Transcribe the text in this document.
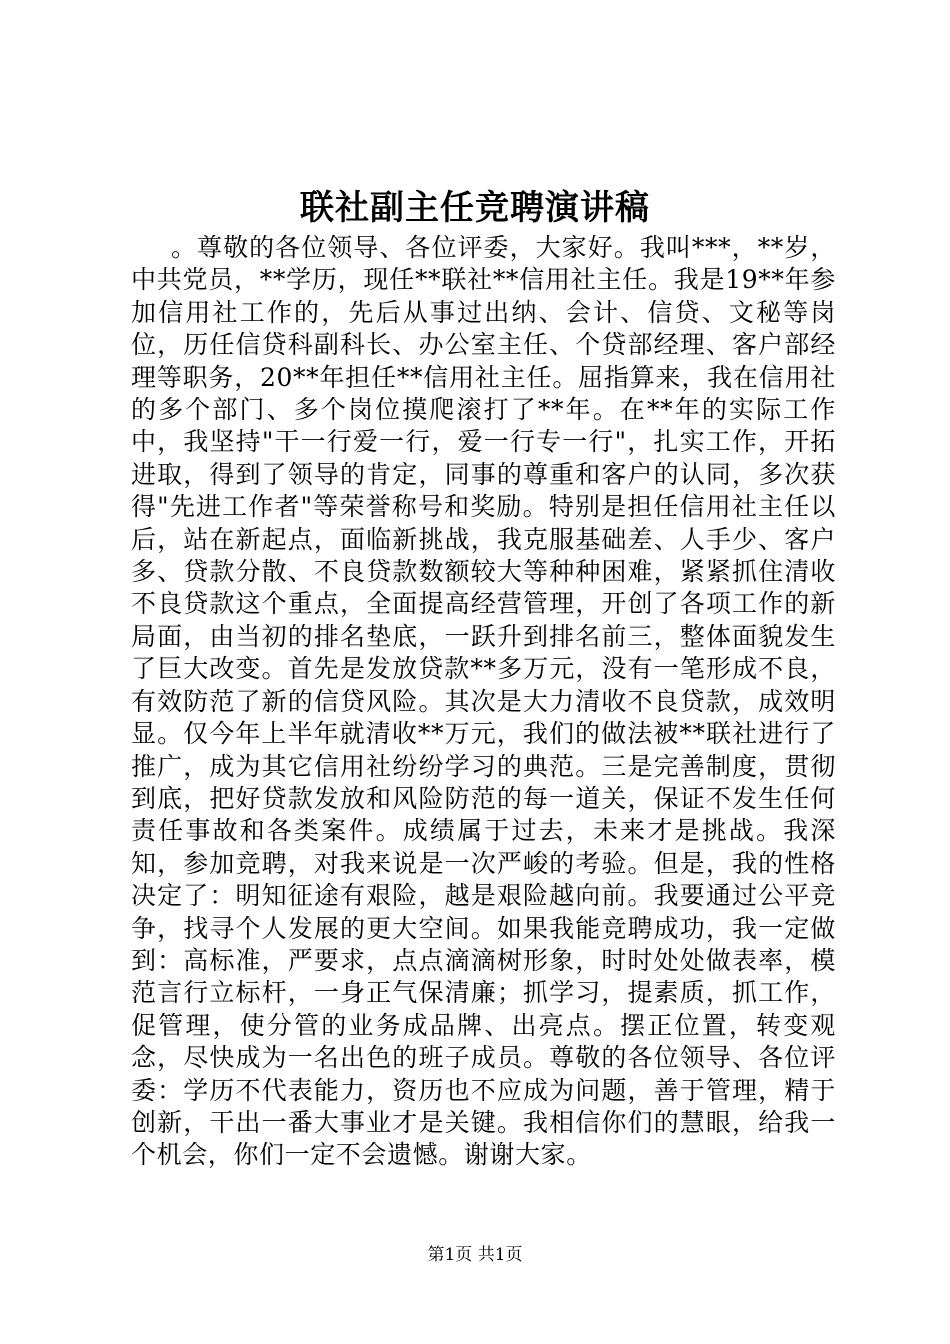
联社副主任竞聘演讲稿

。尊敬的各位领导、各位评委，大家好。我叫***，**岁，中共党员，**学历，现任**联社**信用社主任。我是19**年参加信用社工作的，先后从事过出纳、会计、信贷、文秘等岗位，历任信贷科副科长、办公室主任、个贷部经理、客户部经理等职务，20**年担任**信用社主任。屈指算来，我在信用社的多个部门、多个岗位摸爬滚打了**年。在**年的实际工作中，我坚持"干一行爱一行，爱一行专一行"，扎实工作，开拓进取，得到了领导的肯定，同事的尊重和客户的认同，多次获得"先进工作者"等荣誉称号和奖励。特别是担任信用社主任以后，站在新起点，面临新挑战，我克服基础差、人手少、客户多、贷款分散、不良贷款数额较大等种种困难，紧紧抓住清收不良贷款这个重点，全面提高经营管理，开创了各项工作的新局面，由当初的排名垫底，一跃升到排名前三，整体面貌发生了巨大改变。首先是发放贷款**多万元，没有一笔形成不良，有效防范了新的信贷风险。其次是大力清收不良贷款，成效明显。仅今年上半年就清收**万元，我们的做法被**联社进行了推广，成为其它信用社纷纷学习的典范。三是完善制度，贯彻到底，把好贷款发放和风险防范的每一道关，保证不发生任何责任事故和各类案件。成绩属于过去，未来才是挑战。我深知，参加竞聘，对我来说是一次严峻的考验。但是，我的性格决定了：明知征途有艰险，越是艰险越向前。我要通过公平竞争，找寻个人发展的更大空间。如果我能竞聘成功，我一定做到：高标准，严要求，点点滴滴树形象，时时处处做表率，模范言行立标杆，一身正气保清廉；抓学习，提素质，抓工作，促管理，使分管的业务成品牌、出亮点。摆正位置，转变观念，尽快成为一名出色的班子成员。尊敬的各位领导、各位评委：学历不代表能力，资历也不应成为问题，善于管理，精于创新，干出一番大事业才是关键。我相信你们的慧眼，给我一个机会，你们一定不会遗憾。谢谢大家。

第1页 共1页
